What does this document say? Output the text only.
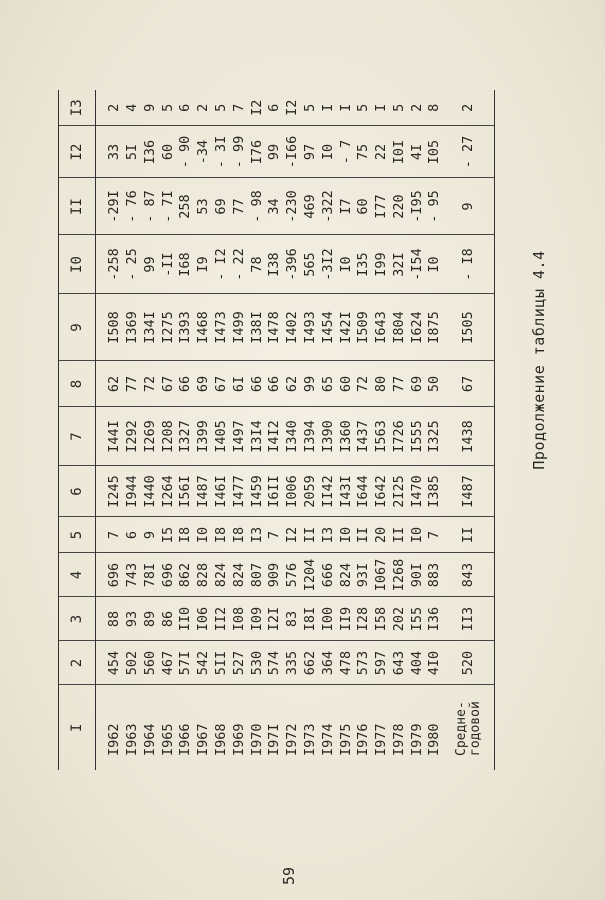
Продолжение таблицы 4.4
59
I	2	3	4	5	6	7	8	9	I0	II	I2	I3
I962	454	88	696	7	I245	I44I	62	I508	-258	-29I	33	2
I963	502	93	743	6	I944	I292	77	I369	- 25	- 76	5I	4
I964	560	89	78I	9	I440	I269	72	I34I	99	- 87	I36	9
I965	467	86	696	I5	I264	I208	67	I275	-II	- 7I	60	5
I966	57I	II0	862	I8	I56I	I327	66	I393	I68	258	- 90	6
I967	542	I06	828	I0	I487	I399	69	I468	I9	53	-34	2
I968	5II	II2	824	I8	I46I	I405	67	I473	- I2	69	- 3I	5
I969	527	I08	824	I8	I477	I497	6I	I499	- 22	77	- 99	7
I970	530	I09	807	I3	I459	I3I4	66	I38I	78	- 98	I76	I2
I97I	574	I2I	909	7	I6II	I4I2	66	I478	I38	34	99	6
I972	335	83	576	I2	I006	I340	62	I402	-396	-230	-I66	I2
I973	662	I8I	I204	II	2059	I394	99	I493	565	469	97	5
I974	364	I00	666	I3	II42	I390	65	I454	-3I2	-322	I0	I
I975	478	II9	824	I0	I43I	I360	60	I42I	I0	I7	- 7	I
I976	573	I28	93I	II	I644	I437	72	I509	I35	60	75	5
I977	597	I58	I067	20	I642	I563	80	I643	I99	I77	22	I
I978	643	202	I268	II	2I25	I726	77	I804	32I	220	I0I	5
I979	404	I55	90I	I0	I470	I555	69	I624	-I54	-I95	4I	2
I980	4I0	I36	883	7	I385	I325	50	I875	I0	- 95	I05	8

Средне- годовой	520	II3	843	II	I487	I438	67	I505	- I8	9	- 27	2
